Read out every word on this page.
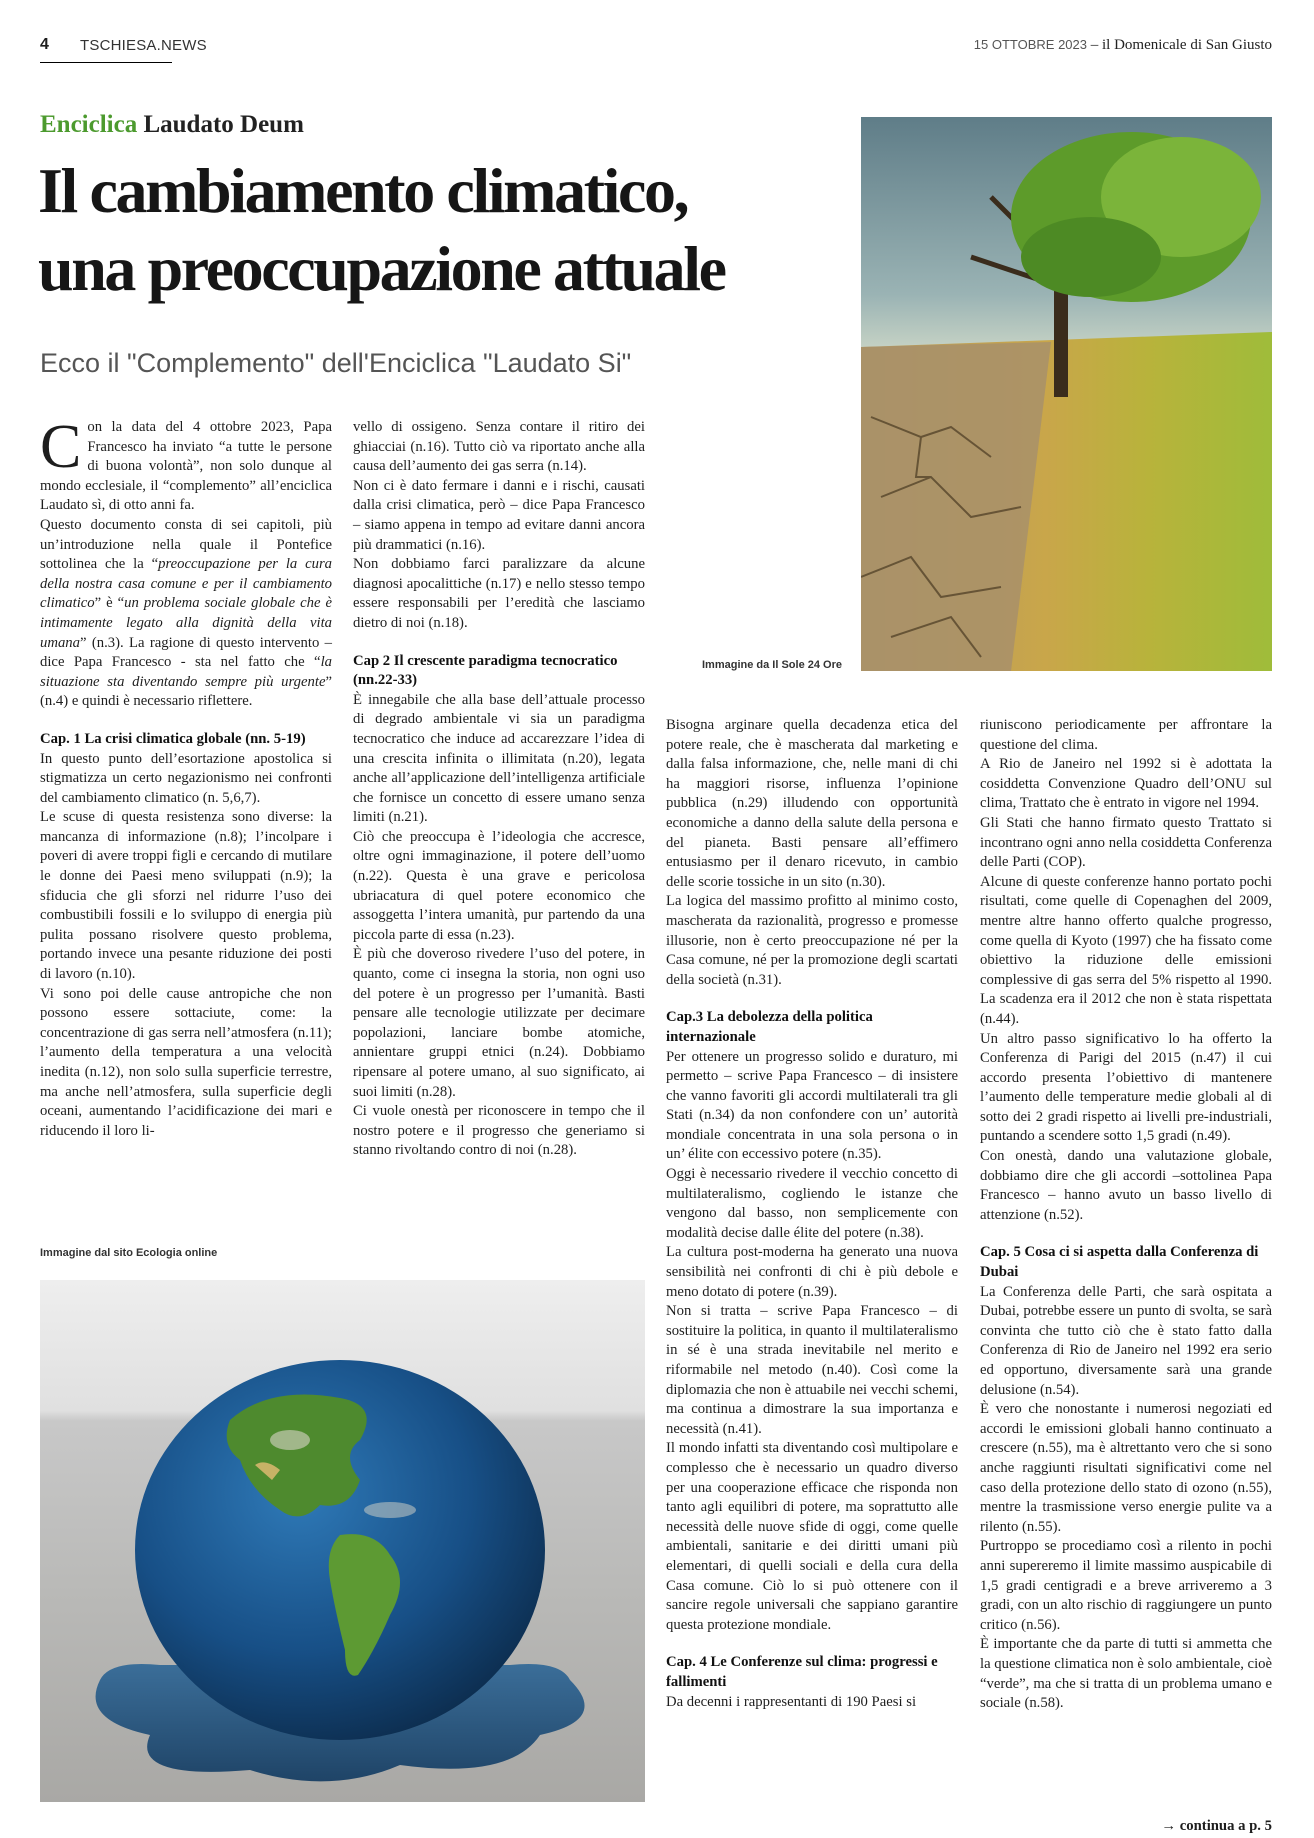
4 TSCHIESA.NEWS	15 OTTOBRE 2023 – il Domenicale di San Giusto
Enciclica Laudato Deum
Il cambiamento climatico,
una preoccupazione attuale
Ecco il "Complemento" dell'Enciclica "Laudato Si"
Immagine da Il Sole 24 Ore

Con la data del 4 ottobre 2023, Papa Francesco ha inviato “a tutte le persone di buona volontà”, non solo dunque al mondo ecclesiale, il “complemento” all’enciclica Laudato sì, di otto anni fa.

Questo documento consta di sei capitoli, più un’introduzione nella quale il Pontefice sottolinea che la “preoccupazione per la cura della nostra casa comune e per il cambiamento climatico” è “un problema sociale globale che è intimamente legato alla dignità della vita umana” (n.3). La ragione di questo intervento – dice Papa Francesco - sta nel fatto che “la situazione sta diventando sempre più urgente” (n.4) e quindi è necessario riflettere.

Cap. 1 La crisi climatica globale (nn. 5-19)

In questo punto dell’esortazione apostolica si stigmatizza un certo negazionismo nei confronti del cambiamento climatico (n. 5,6,7).

Le scuse di questa resistenza sono diverse: la mancanza di informazione (n.8); l’incolpare i poveri di avere troppi figli e cercando di mutilare le donne dei Paesi meno sviluppati (n.9); la sfiducia che gli sforzi nel ridurre l’uso dei combustibili fossili e lo sviluppo di energia più pulita possano risolvere questo problema, portando invece una pesante riduzione dei posti di lavoro (n.10).

Vi sono poi delle cause antropiche che non possono essere sottaciute, come: la concentrazione di gas serra nell’atmosfera (n.11); l’aumento della temperatura a una velocità inedita (n.12), non solo sulla superficie terrestre, ma anche nell’atmosfera, sulla superficie degli oceani, aumentando l’acidificazione dei mari e riducendo il loro li-

vello di ossigeno. Senza contare il ritiro dei ghiacciai (n.16). Tutto ciò va riportato anche alla causa dell’aumento dei gas serra (n.14).

Non ci è dato fermare i danni e i rischi, causati dalla crisi climatica, però – dice Papa Francesco – siamo appena in tempo ad evitare danni ancora più drammatici (n.16).

Non dobbiamo farci paralizzare da alcune diagnosi apocalittiche (n.17) e nello stesso tempo essere responsabili per l’eredità che lasciamo dietro di noi (n.18).

Cap 2 Il crescente paradigma tecnocratico (nn.22-33)

È innegabile che alla base dell’attuale processo di degrado ambientale vi sia un paradigma tecnocratico che induce ad accarezzare l’idea di una crescita infinita o illimitata (n.20), legata anche all’applicazione dell’intelligenza artificiale che fornisce un concetto di essere umano senza limiti (n.21).

Ciò che preoccupa è l’ideologia che accresce, oltre ogni immaginazione, il potere dell’uomo (n.22). Questa è una grave e pericolosa ubriacatura di quel potere economico che assoggetta l’intera umanità, pur partendo da una piccola parte di essa (n.23).

È più che doveroso rivedere l’uso del potere, in quanto, come ci insegna la storia, non ogni uso del potere è un progresso per l’umanità. Basti pensare alle tecnologie utilizzate per decimare popolazioni, lanciare bombe atomiche, annientare gruppi etnici (n.24). Dobbiamo ripensare al potere umano, al suo significato, ai suoi limiti (n.28).

Ci vuole onestà per riconoscere in tempo che il nostro potere e il progresso che generiamo si stanno rivoltando contro di noi (n.28).

Immagine dal sito Ecologia online

Bisogna arginare quella decadenza etica del potere reale, che è mascherata dal marketing e dalla falsa informazione, che, nelle mani di chi ha maggiori risorse, influenza l’opinione pubblica (n.29) illudendo con opportunità economiche a danno della salute della persona e del pianeta. Basti pensare all’effimero entusiasmo per il denaro ricevuto, in cambio delle scorie tossiche in un sito (n.30).

La logica del massimo profitto al minimo costo, mascherata da razionalità, progresso e promesse illusorie, non è certo preoccupazione né per la Casa comune, né per la promozione degli scartati della società (n.31).

Cap.3 La debolezza della politica internazionale

Per ottenere un progresso solido e duraturo, mi permetto – scrive Papa Francesco – di insistere che vanno favoriti gli accordi multilaterali tra gli Stati (n.34) da non confondere con un’ autorità mondiale concentrata in una sola persona o in un’ élite con eccessivo potere (n.35).

Oggi è necessario rivedere il vecchio concetto di multilateralismo, cogliendo le istanze che vengono dal basso, non semplicemente con modalità decise dalle élite del potere (n.38).

La cultura post-moderna ha generato una nuova sensibilità nei confronti di chi è più debole e meno dotato di potere (n.39).

Non si tratta – scrive Papa Francesco – di sostituire la politica, in quanto il multilateralismo in sé è una strada inevitabile nel merito e riformabile nel metodo (n.40). Così come la diplomazia che non è attuabile nei vecchi schemi, ma continua a dimostrare la sua importanza e necessità (n.41).

Il mondo infatti sta diventando così multipolare e complesso che è necessario un quadro diverso per una cooperazione efficace che risponda non tanto agli equilibri di potere, ma soprattutto alle necessità delle nuove sfide di oggi, come quelle ambientali, sanitarie e dei diritti umani più elementari, di quelli sociali e della cura della Casa comune. Ciò lo si può ottenere con il sancire regole universali che sappiano garantire questa protezione mondiale.

Cap. 4 Le Conferenze sul clima: progressi e fallimenti

Da decenni i rappresentanti di 190 Paesi si

riuniscono periodicamente per affrontare la questione del clima.

A Rio de Janeiro nel 1992 si è adottata la cosiddetta Convenzione Quadro dell’ONU sul clima, Trattato che è entrato in vigore nel 1994.

Gli Stati che hanno firmato questo Trattato si incontrano ogni anno nella cosiddetta Conferenza delle Parti (COP).

Alcune di queste conferenze hanno portato pochi risultati, come quelle di Copenaghen del 2009, mentre altre hanno offerto qualche progresso, come quella di Kyoto (1997) che ha fissato come obiettivo la riduzione delle emissioni complessive di gas serra del 5% rispetto al 1990. La scadenza era il 2012 che non è stata rispettata (n.44).

Un altro passo significativo lo ha offerto la Conferenza di Parigi del 2015 (n.47) il cui accordo presenta l’obiettivo di mantenere l’aumento delle temperature medie globali al di sotto dei 2 gradi rispetto ai livelli pre-industriali, puntando a scendere sotto 1,5 gradi (n.49).

Con onestà, dando una valutazione globale, dobbiamo dire che gli accordi –sottolinea Papa Francesco – hanno avuto un basso livello di attenzione (n.52).

Cap. 5 Cosa ci si aspetta dalla Conferenza di Dubai

La Conferenza delle Parti, che sarà ospitata a Dubai, potrebbe essere un punto di svolta, se sarà convinta che tutto ciò che è stato fatto dalla Conferenza di Rio de Janeiro nel 1992 era serio ed opportuno, diversamente sarà una grande delusione (n.54).

È vero che nonostante i numerosi negoziati ed accordi le emissioni globali hanno continuato a crescere (n.55), ma è altrettanto vero che si sono anche raggiunti risultati significativi come nel caso della protezione dello stato di ozono (n.55), mentre la trasmissione verso energie pulite va a rilento (n.55).

Purtroppo se procediamo così a rilento in pochi anni supereremo il limite massimo auspicabile di 1,5 gradi centigradi e a breve arriveremo a 3 gradi, con un alto rischio di raggiungere un punto critico (n.56).

È importante che da parte di tutti si ammetta che la questione climatica non è solo ambientale, cioè “verde”, ma che si tratta di un problema umano e sociale (n.58).

→ continua a p. 5
